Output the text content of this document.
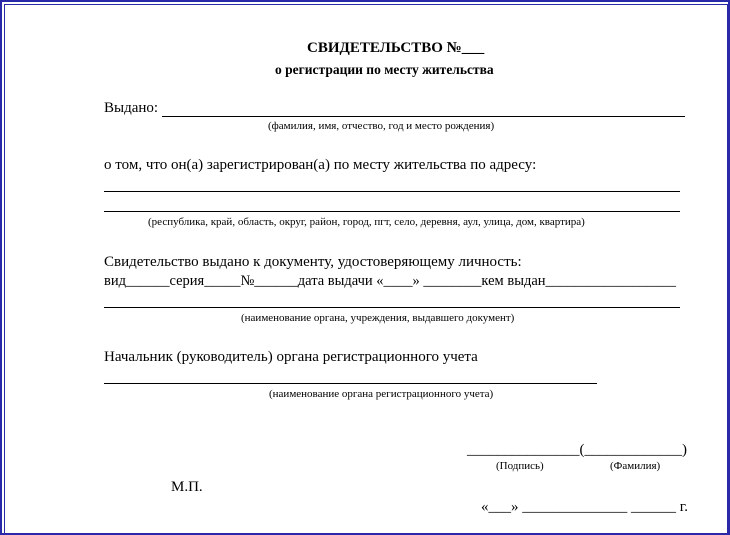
СВИДЕТЕЛЬСТВО №___
о регистрации по месту жительства
Выдано:
(фамилия, имя, отчество, год и место рождения)
о том, что он(а) зарегистрирован(а) по месту жительства по адресу:
(республика, край, область, округ, район, город, пгт, село, деревня, аул, улица, дом, квартира)
Свидетельство выдано к документу, удостоверяющему личность:
вид______серия_____№______дата выдачи «____» ________кем выдан__________________
(наименование органа, учреждения, выдавшего документ)
Начальник (руководитель) органа регистрационного учета
(наименование органа регистрационного учета)
_______________(_____________)
(Подпись)	(Фамилия)
М.П.
«___» ______________ ______ г.
